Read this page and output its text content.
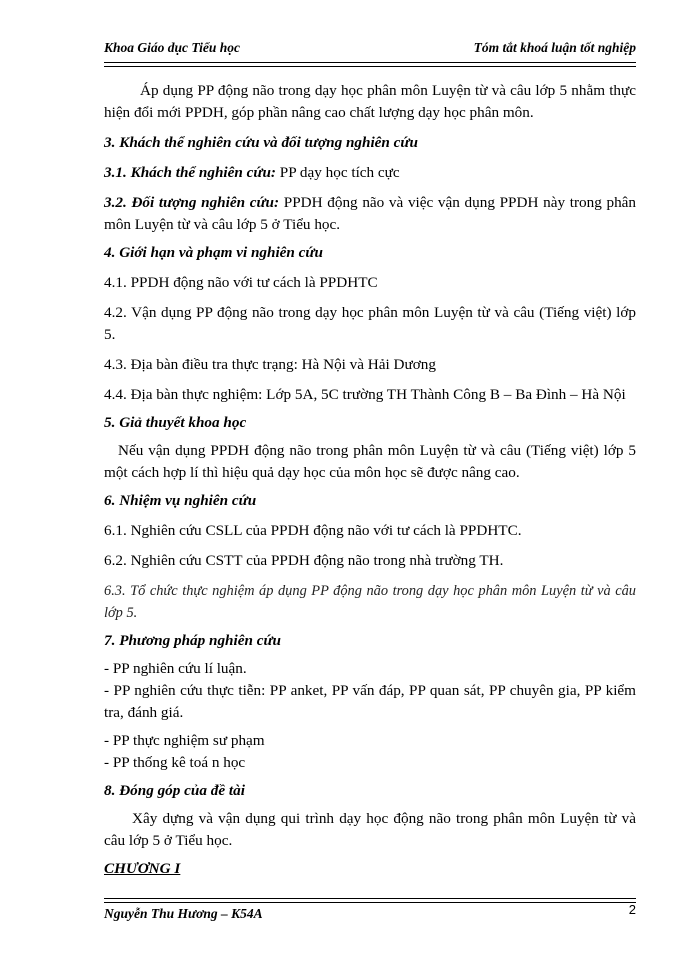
Khoa Giáo dục Tiểu học	Tóm tắt khoá luận tốt nghiệp

Áp dụng PP động não trong dạy học phân môn Luyện từ và câu lớp 5 nhằm thực hiện đổi mới PPDH, góp phần nâng cao chất lượng dạy học phân môn.

3. Khách thể nghiên cứu và đối tượng nghiên cứu

3.1. Khách thể nghiên cứu: PP dạy học tích cực

3.2. Đối tượng nghiên cứu: PPDH động não và việc vận dụng PPDH này trong phân môn Luyện từ và câu lớp 5 ở Tiểu học.

4. Giới hạn và phạm vi nghiên cứu

4.1. PPDH động não với tư cách là PPDHTC

4.2. Vận dụng PP động não trong dạy học phân môn Luyện từ và câu (Tiếng việt) lớp 5.

4.3. Địa bàn điều tra thực trạng: Hà Nội và Hải Dương

4.4. Địa bàn thực nghiệm: Lớp 5A, 5C trường TH Thành Công B – Ba Đình – Hà Nội

5. Giả thuyết khoa học

Nếu vận dụng PPDH động não trong phân môn Luyện từ và câu (Tiếng việt) lớp 5 một cách hợp lí thì hiệu quả dạy học của môn học sẽ được nâng cao.

6. Nhiệm vụ nghiên cứu

6.1. Nghiên cứu CSLL của PPDH động não với tư cách là PPDHTC.

6.2. Nghiên cứu CSTT của PPDH động não trong nhà trường TH.

6.3. Tổ chức thực nghiệm áp dụng PP động não trong dạy học phân môn Luyện từ và câu lớp 5.

7. Phương pháp nghiên cứu

- PP nghiên cứu lí luận.

- PP nghiên cứu thực tiễn: PP anket, PP vấn đáp, PP quan sát, PP chuyên gia, PP kiểm tra, đánh giá.

- PP thực nghiệm sư phạm

- PP thống kê toá n học

8. Đóng góp của đề tài

Xây dựng và vận dụng qui trình dạy học động não trong phân môn Luyện từ và câu lớp 5 ở Tiểu học.

CHƯƠNG I

Nguyễn Thu Hương – K54A	2
